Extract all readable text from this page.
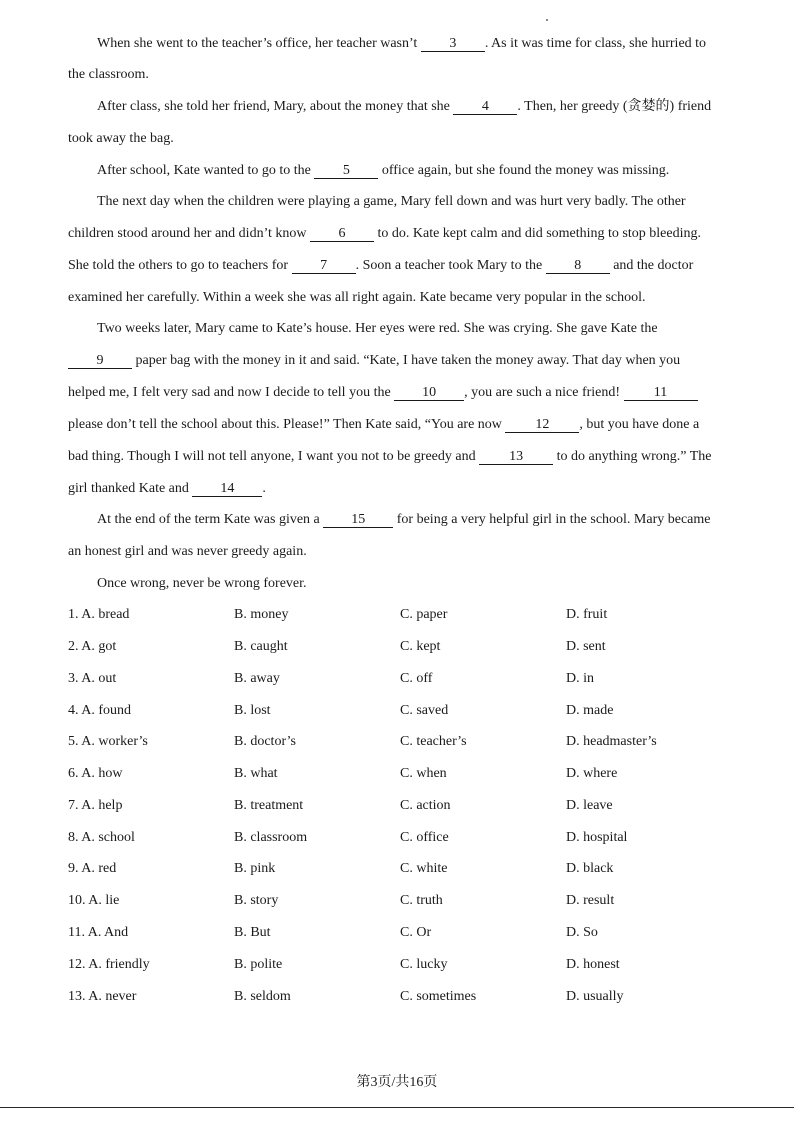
When she went to the teacher’s office, her teacher wasn’t 3 . As it was time for class, she hurried to
the classroom.
After class, she told her friend, Mary, about the money that she 4 . Then, her greedy (贪婪的) friend
took away the bag.
After school, Kate wanted to go to the 5 office again, but she found the money was missing.
The next day when the children were playing a game, Mary fell down and was hurt very badly. The other
children stood around her and didn’t know 6 to do. Kate kept calm and did something to stop bleeding.
She told the others to go to teachers for 7 . Soon a teacher took Mary to the 8 and the doctor
examined her carefully. Within a week she was all right again. Kate became very popular in the school.
Two weeks later, Mary came to Kate’s house. Her eyes were red. She was crying. She gave Kate the
9 paper bag with the money in it and said. “Kate, I have taken the money away. That day when you
helped me, I felt very sad and now I decide to tell you the 10 , you are such a nice friend! 11
please don’t tell the school about this. Please!” Then Kate said, “You are now 12 , but you have done a
bad thing. Though I will not tell anyone, I want you not to be greedy and 13 to do anything wrong.” The
girl thanked Kate and 14 .
At the end of the term Kate was given a 15 for being a very helpful girl in the school. Mary became
an honest girl and was never greedy again.
Once wrong, never be wrong forever.
1. A. bread	B. money	C. paper	D. fruit
2. A. got	B. caught	C. kept	D. sent
3. A. out	B. away	C. off	D. in
4. A. found	B. lost	C. saved	D. made
5. A. worker’s	B. doctor’s	C. teacher’s	D. headmaster’s
6. A. how	B. what	C. when	D. where
7. A. help	B. treatment	C. action	D. leave
8. A. school	B. classroom	C. office	D. hospital
9. A. red	B. pink	C. white	D. black
10. A. lie	B. story	C. truth	D. result
11. A. And	B. But	C. Or	D. So
12. A. friendly	B. polite	C. lucky	D. honest
13. A. never	B. seldom	C. sometimes	D. usually
第3页/共16页
